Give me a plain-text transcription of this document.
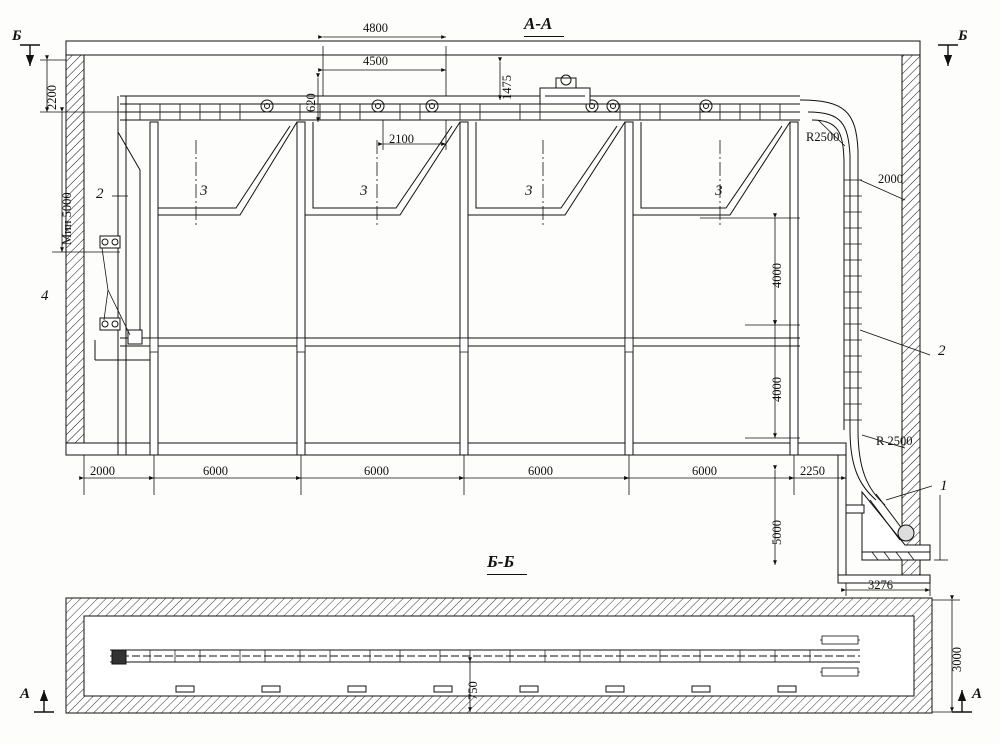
А-А
Б-Б
Б	Б
А	А
4800
4500
620
1475
2100
2200
Мин 5000 2
4
3	3	3	3
2
1
2000	6000	6000	6000	6000	2250
3276
R2500
2000
4000
4000
5000
R 2500
3000
750
